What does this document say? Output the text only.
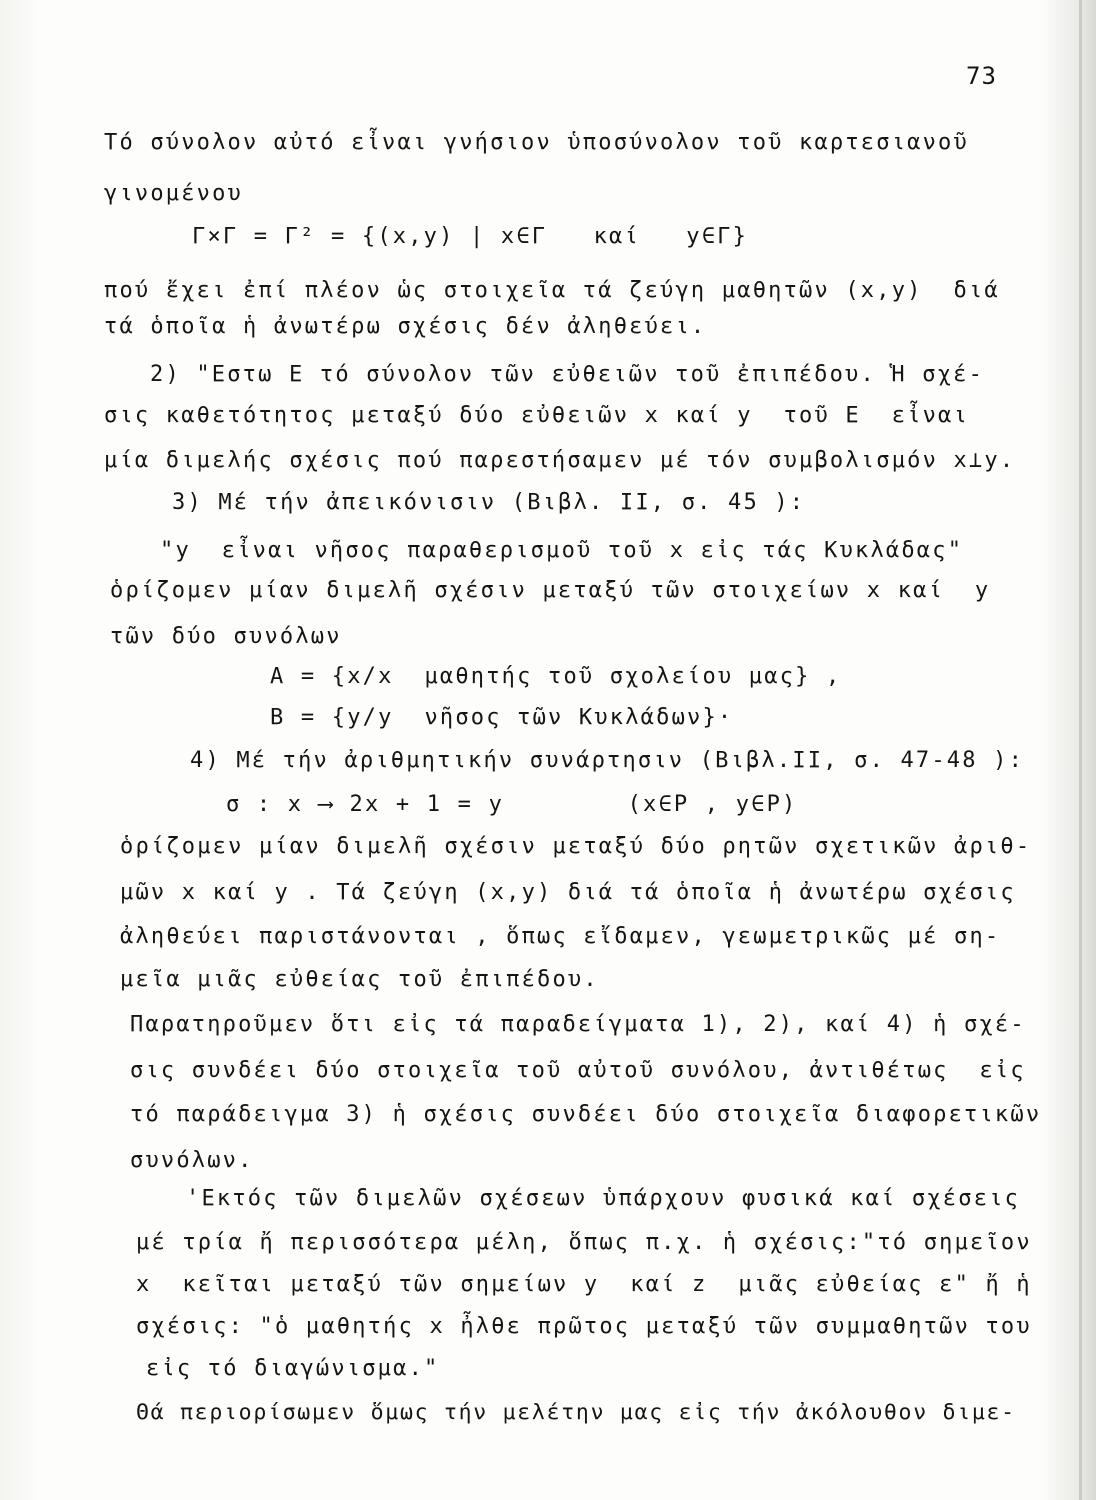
73
Τό σύνολον αὐτό εἶναι γνήσιον ὑποσύνολον τοῦ καρτεσιανοῦ
γινομένου
Γ×Γ = Γ² = {(x,y) | x∈Γ   καί   y∈Γ}
πού ἔχει ἐπί πλέον ὡς στοιχεῖα τά ζεύγη μαθητῶν (x,y)  διά
τά ὁποῖα ἡ ἀνωτέρω σχέσις δέν ἀληθεύει.
2) "Εστω Ε τό σύνολον τῶν εὐθειῶν τοῦ ἐπιπέδου. Ἡ σχέ-
σις καθετότητος μεταξύ δύο εὐθειῶν x καί y  τοῦ Ε  εἶναι
μία διμελής σχέσις πού παρεστήσαμεν μέ τόν συμβολισμόν x⊥y.
3) Μέ τήν ἀπεικόνισιν (Βιβλ. ΙΙ, σ. 45 ):
"y  εἶναι νῆσος παραθερισμοῦ τοῦ x εἰς τάς Κυκλάδας"
ὁρίζομεν μίαν διμελῆ σχέσιν μεταξύ τῶν στοιχείων x καί  y
τῶν δύο συνόλων
Α = {x/x  μαθητής τοῦ σχολείου μας} ,
Β = {y/y  νῆσος τῶν Κυκλάδων}·
4) Μέ τήν ἀριθμητικήν συνάρτησιν (Βιβλ.ΙΙ, σ. 47-48 ):
σ : x ⟶ 2x + 1 = y        (x∈P , y∈P)
ὁρίζομεν μίαν διμελῆ σχέσιν μεταξύ δύο ρητῶν σχετικῶν ἀριθ-
μῶν x καί y . Τά ζεύγη (x,y) διά τά ὁποῖα ἡ ἀνωτέρω σχέσις
ἀληθεύει παριστάνονται , ὅπως εἴδαμεν, γεωμετρικῶς μέ ση-
μεῖα μιᾶς εὐθείας τοῦ ἐπιπέδου.
Παρατηροῦμεν ὅτι εἰς τά παραδείγματα 1), 2), καί 4) ἡ σχέ-
σις συνδέει δύο στοιχεῖα τοῦ αὐτοῦ συνόλου, ἀντιθέτως  εἰς
τό παράδειγμα 3) ἡ σχέσις συνδέει δύο στοιχεῖα διαφορετικῶν
συνόλων.
'Εκτός τῶν διμελῶν σχέσεων ὑπάρχουν φυσικά καί σχέσεις
μέ τρία ἤ περισσότερα μέλη, ὅπως π.χ. ἡ σχέσις:"τό σημεῖον
x  κεῖται μεταξύ τῶν σημείων y  καί z  μιᾶς εὐθείας ε" ἤ ἡ
σχέσις: "ὁ μαθητής x ἦλθε πρῶτος μεταξύ τῶν συμμαθητῶν του
εἰς τό διαγώνισμα."
Θά περιορίσωμεν ὅμως τήν μελέτην μας εἰς τήν ἀκόλουθον διμε-
